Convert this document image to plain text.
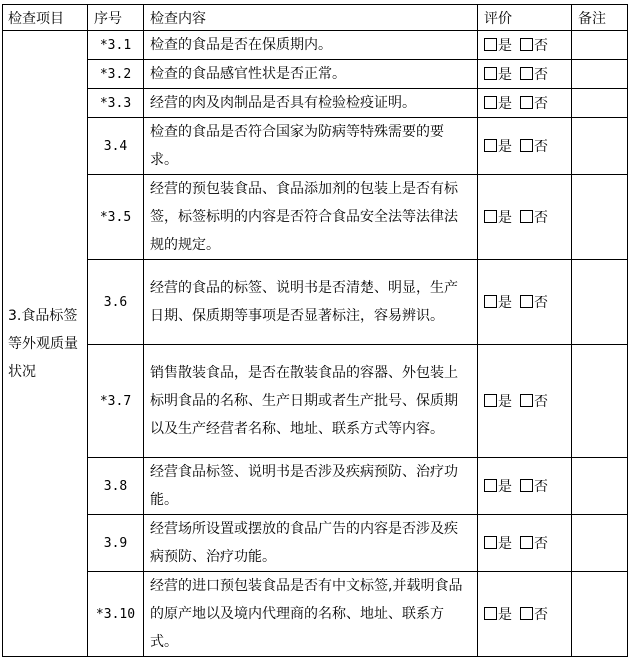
检查项目	序号	检查内容	评价	备注
3.食品标签等外观质量状况	*3.1	检查的食品是否在保质期内。	是 否	
	*3.2	检查的食品感官性状是否正常。	是 否	
	*3.3	经营的肉及肉制品是否具有检验检疫证明。	是 否	
	3.4	检查的食品是否符合国家为防病等特殊需要的要求。	是 否	
	*3.5	经营的预包装食品、食品添加剂的包装上是否有标签，标签标明的内容是否符合食品安全法等法律法规的规定。	是 否	
	3.6	经营的食品的标签、说明书是否清楚、明显，生产日期、保质期等事项是否显著标注，容易辨识。	是 否	
	*3.7	销售散装食品，是否在散装食品的容器、外包装上标明食品的名称、生产日期或者生产批号、保质期以及生产经营者名称、地址、联系方式等内容。	是 否	
	3.8	经营食品标签、说明书是否涉及疾病预防、治疗功能。	是 否	
	3.9	经营场所设置或摆放的食品广告的内容是否涉及疾病预防、治疗功能。	是 否	
	*3.10	经营的进口预包装食品是否有中文标签,并载明食品的原产地以及境内代理商的名称、地址、联系方式。	是 否	
